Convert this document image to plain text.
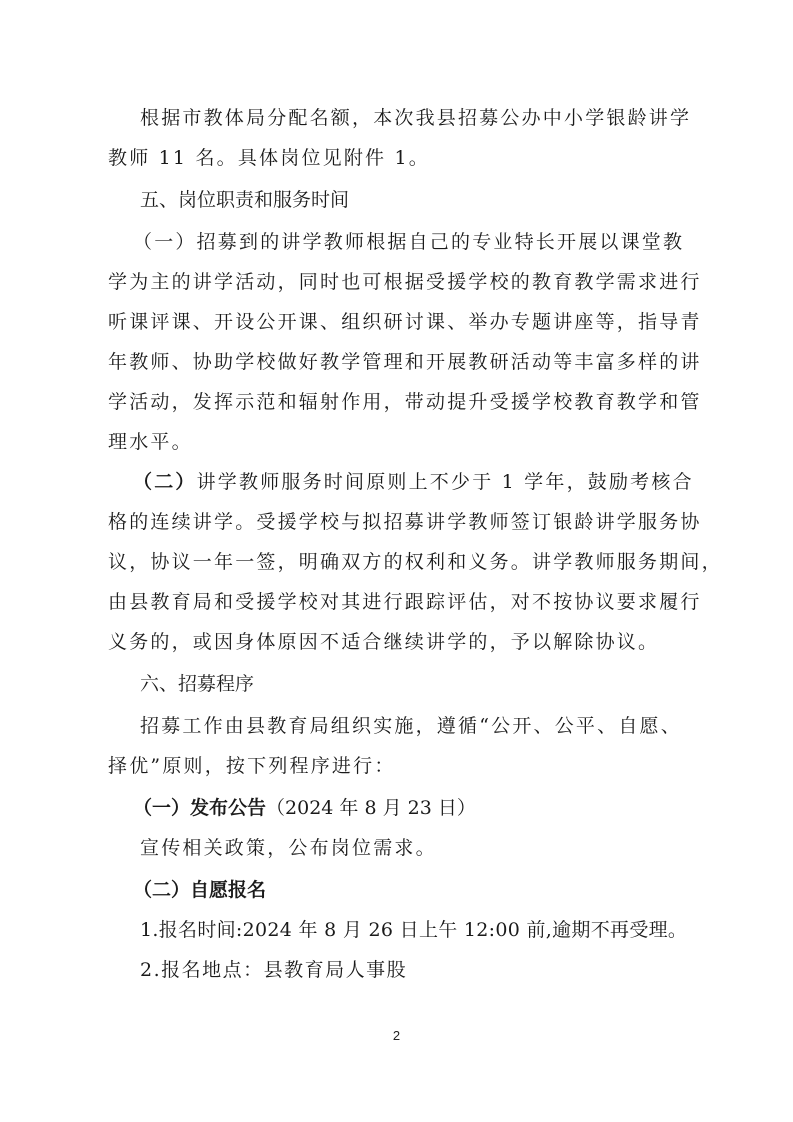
根据市教体局分配名额，本次我县招募公办中小学银龄讲学
教师 11 名。具体岗位见附件 1。
五、岗位职责和服务时间
（一）招募到的讲学教师根据自己的专业特长开展以课堂教
学为主的讲学活动，同时也可根据受援学校的教育教学需求进行
听课评课、开设公开课、组织研讨课、举办专题讲座等，指导青
年教师、协助学校做好教学管理和开展教研活动等丰富多样的讲
学活动，发挥示范和辐射作用，带动提升受援学校教育教学和管
理水平。
（二）讲学教师服务时间原则上不少于 1 学年，鼓励考核合
格的连续讲学。受援学校与拟招募讲学教师签订银龄讲学服务协
议，协议一年一签，明确双方的权利和义务。讲学教师服务期间，
由县教育局和受援学校对其进行跟踪评估，对不按协议要求履行
义务的，或因身体原因不适合继续讲学的，予以解除协议。
六、招募程序
招募工作由县教育局组织实施，遵循“公开、公平、自愿、
择优”原则，按下列程序进行：
（一）发布公告（2024 年 8 月 23 日）
宣传相关政策，公布岗位需求。
（二）自愿报名
1.报名时间:2024 年 8 月 26 日上午 12:00 前,逾期不再受理。
2.报名地点：县教育局人事股
2
